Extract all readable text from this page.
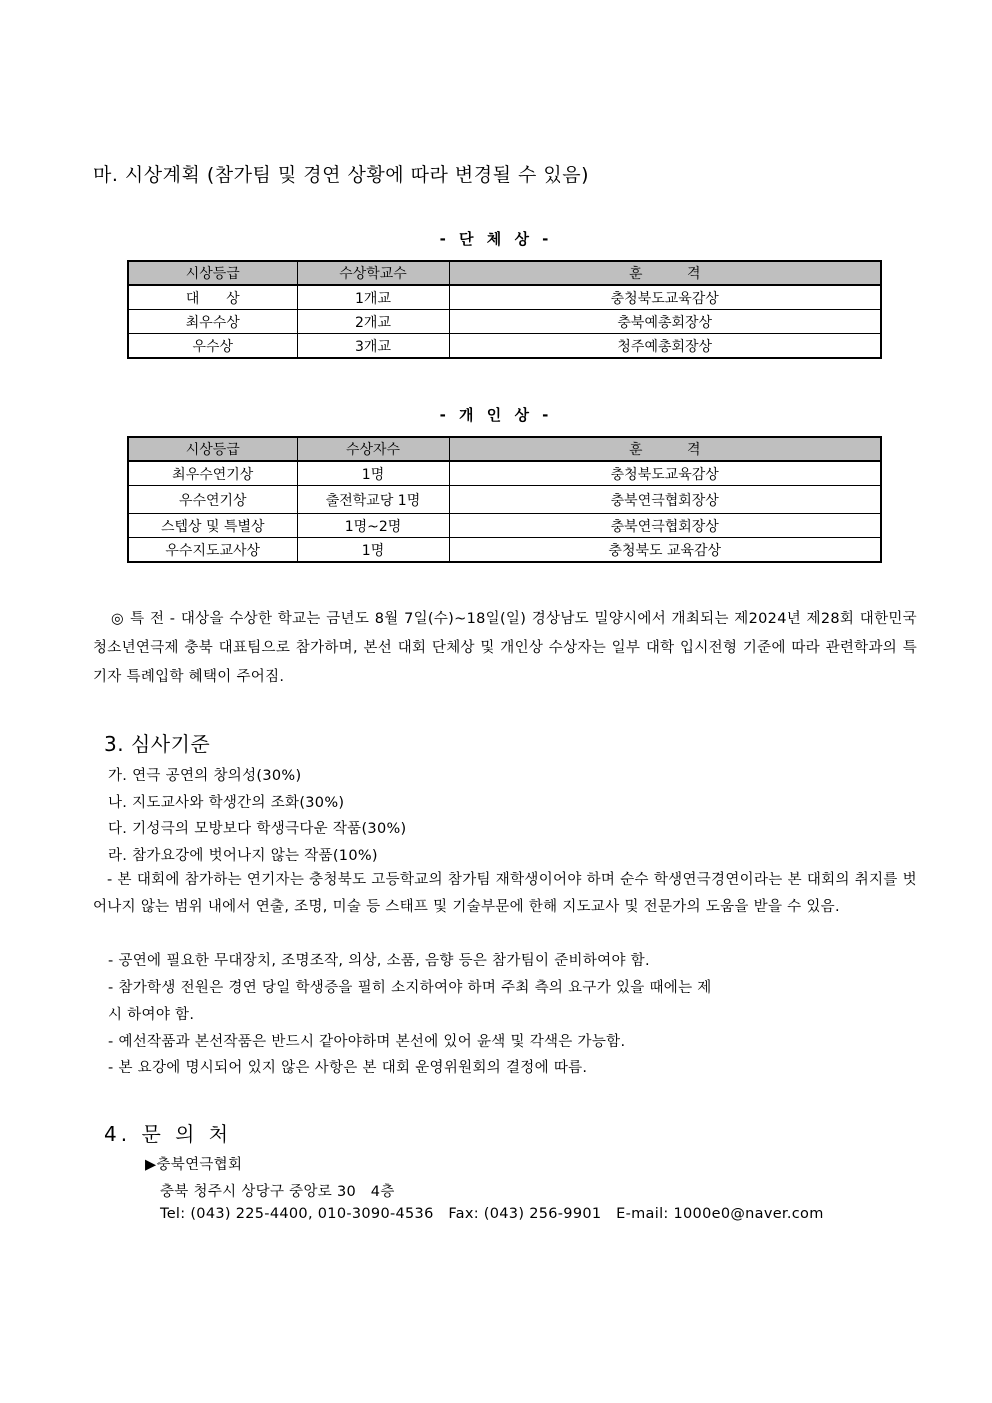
마. 시상계획 (참가팀 및 경연 상황에 따라 변경될 수 있음)
- 단 체 상 -
시상등급	수상학교수	훈          격
대      상	1개교	충청북도교육감상
최우수상	2개교	충북예총회장상
우수상	3개교	청주예총회장상
- 개 인 상 -
시상등급	수상자수	훈          격
최우수연기상	1명	충청북도교육감상
우수연기상	출전학교당 1명	충북연극협회장상
스텝상 및 특별상	1명~2명	충북연극협회장상
우수지도교사상	1명	충청북도 교육감상
◎ 특 전 - 대상을 수상한 학교는 금년도 8월 7일(수)~18일(일) 경상남도 밀양시에서 개최되는 제2024년 제28회 대한민국청소년연극제 충북 대표팀으로 참가하며, 본선 대회 단체상 및 개인상 수상자는 일부 대학 입시전형 기준에 따라 관련학과의 특기자 특례입학 혜택이 주어짐.
3. 심사기준
가. 연극 공연의 창의성(30%)
나. 지도교사와 학생간의 조화(30%)
다. 기성극의 모방보다 학생극다운 작품(30%)
라. 참가요강에 벗어나지 않는 작품(10%)
- 본 대회에 참가하는 연기자는 충청북도 고등학교의 참가팀 재학생이어야 하며 순수 학생연극경연이라는 본 대회의 취지를 벗어나지 않는 범위 내에서 연출, 조명, 미술 등 스태프 및 기술부문에 한해 지도교사 및 전문가의 도움을 받을 수 있음.
- 공연에 필요한 무대장치, 조명조작, 의상, 소품, 음향 등은 참가팀이 준비하여야 함.
- 참가학생 전원은 경연 당일 학생증을 필히 소지하여야 하며 주최 측의 요구가 있을 때에는 제
시 하여야 함.
- 예선작품과 본선작품은 반드시 같아야하며 본선에 있어 윤색 및 각색은 가능함.
- 본 요강에 명시되어 있지 않은 사항은 본 대회 운영위원회의 결정에 따름.
4. 문 의 처
▶충북연극협회
충북 청주시 상당구 중앙로 30   4층
Tel: (043) 225-4400, 010-3090-4536   Fax: (043) 256-9901   E-mail: 1000e0@naver.com
